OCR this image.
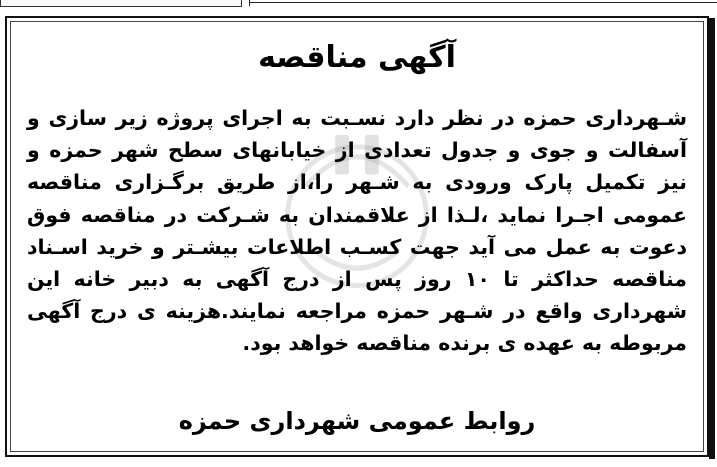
آگهی مناقصه
شـهرداری حمزه در نظر دارد نسـبت به اجرای پروژه زیر سازی و آسفالت و جوی و جدول تعدادی از خیابانهای سطح شهر حمزه و نیز تکمیل پارک ورودی به شـهر را،از طریق برگـزاری مناقصه عمومی اجـرا نماید ،لـذا از علاقمندان به شـرکت در مناقصه فوق دعوت به عمل می آید جهت کسـب اطلاعات بیشـتر و خرید اسـناد مناقصه حداکثر تا ۱۰ روز پس از درج آگهی به دبیر خانه این شهرداری واقع در شـهر حمزه مراجعه نمایند.هزینه ی درج آگهی مربوطه به عهده ی برنده مناقصه خواهد بود.
روابط عمومی شهرداری حمزه
